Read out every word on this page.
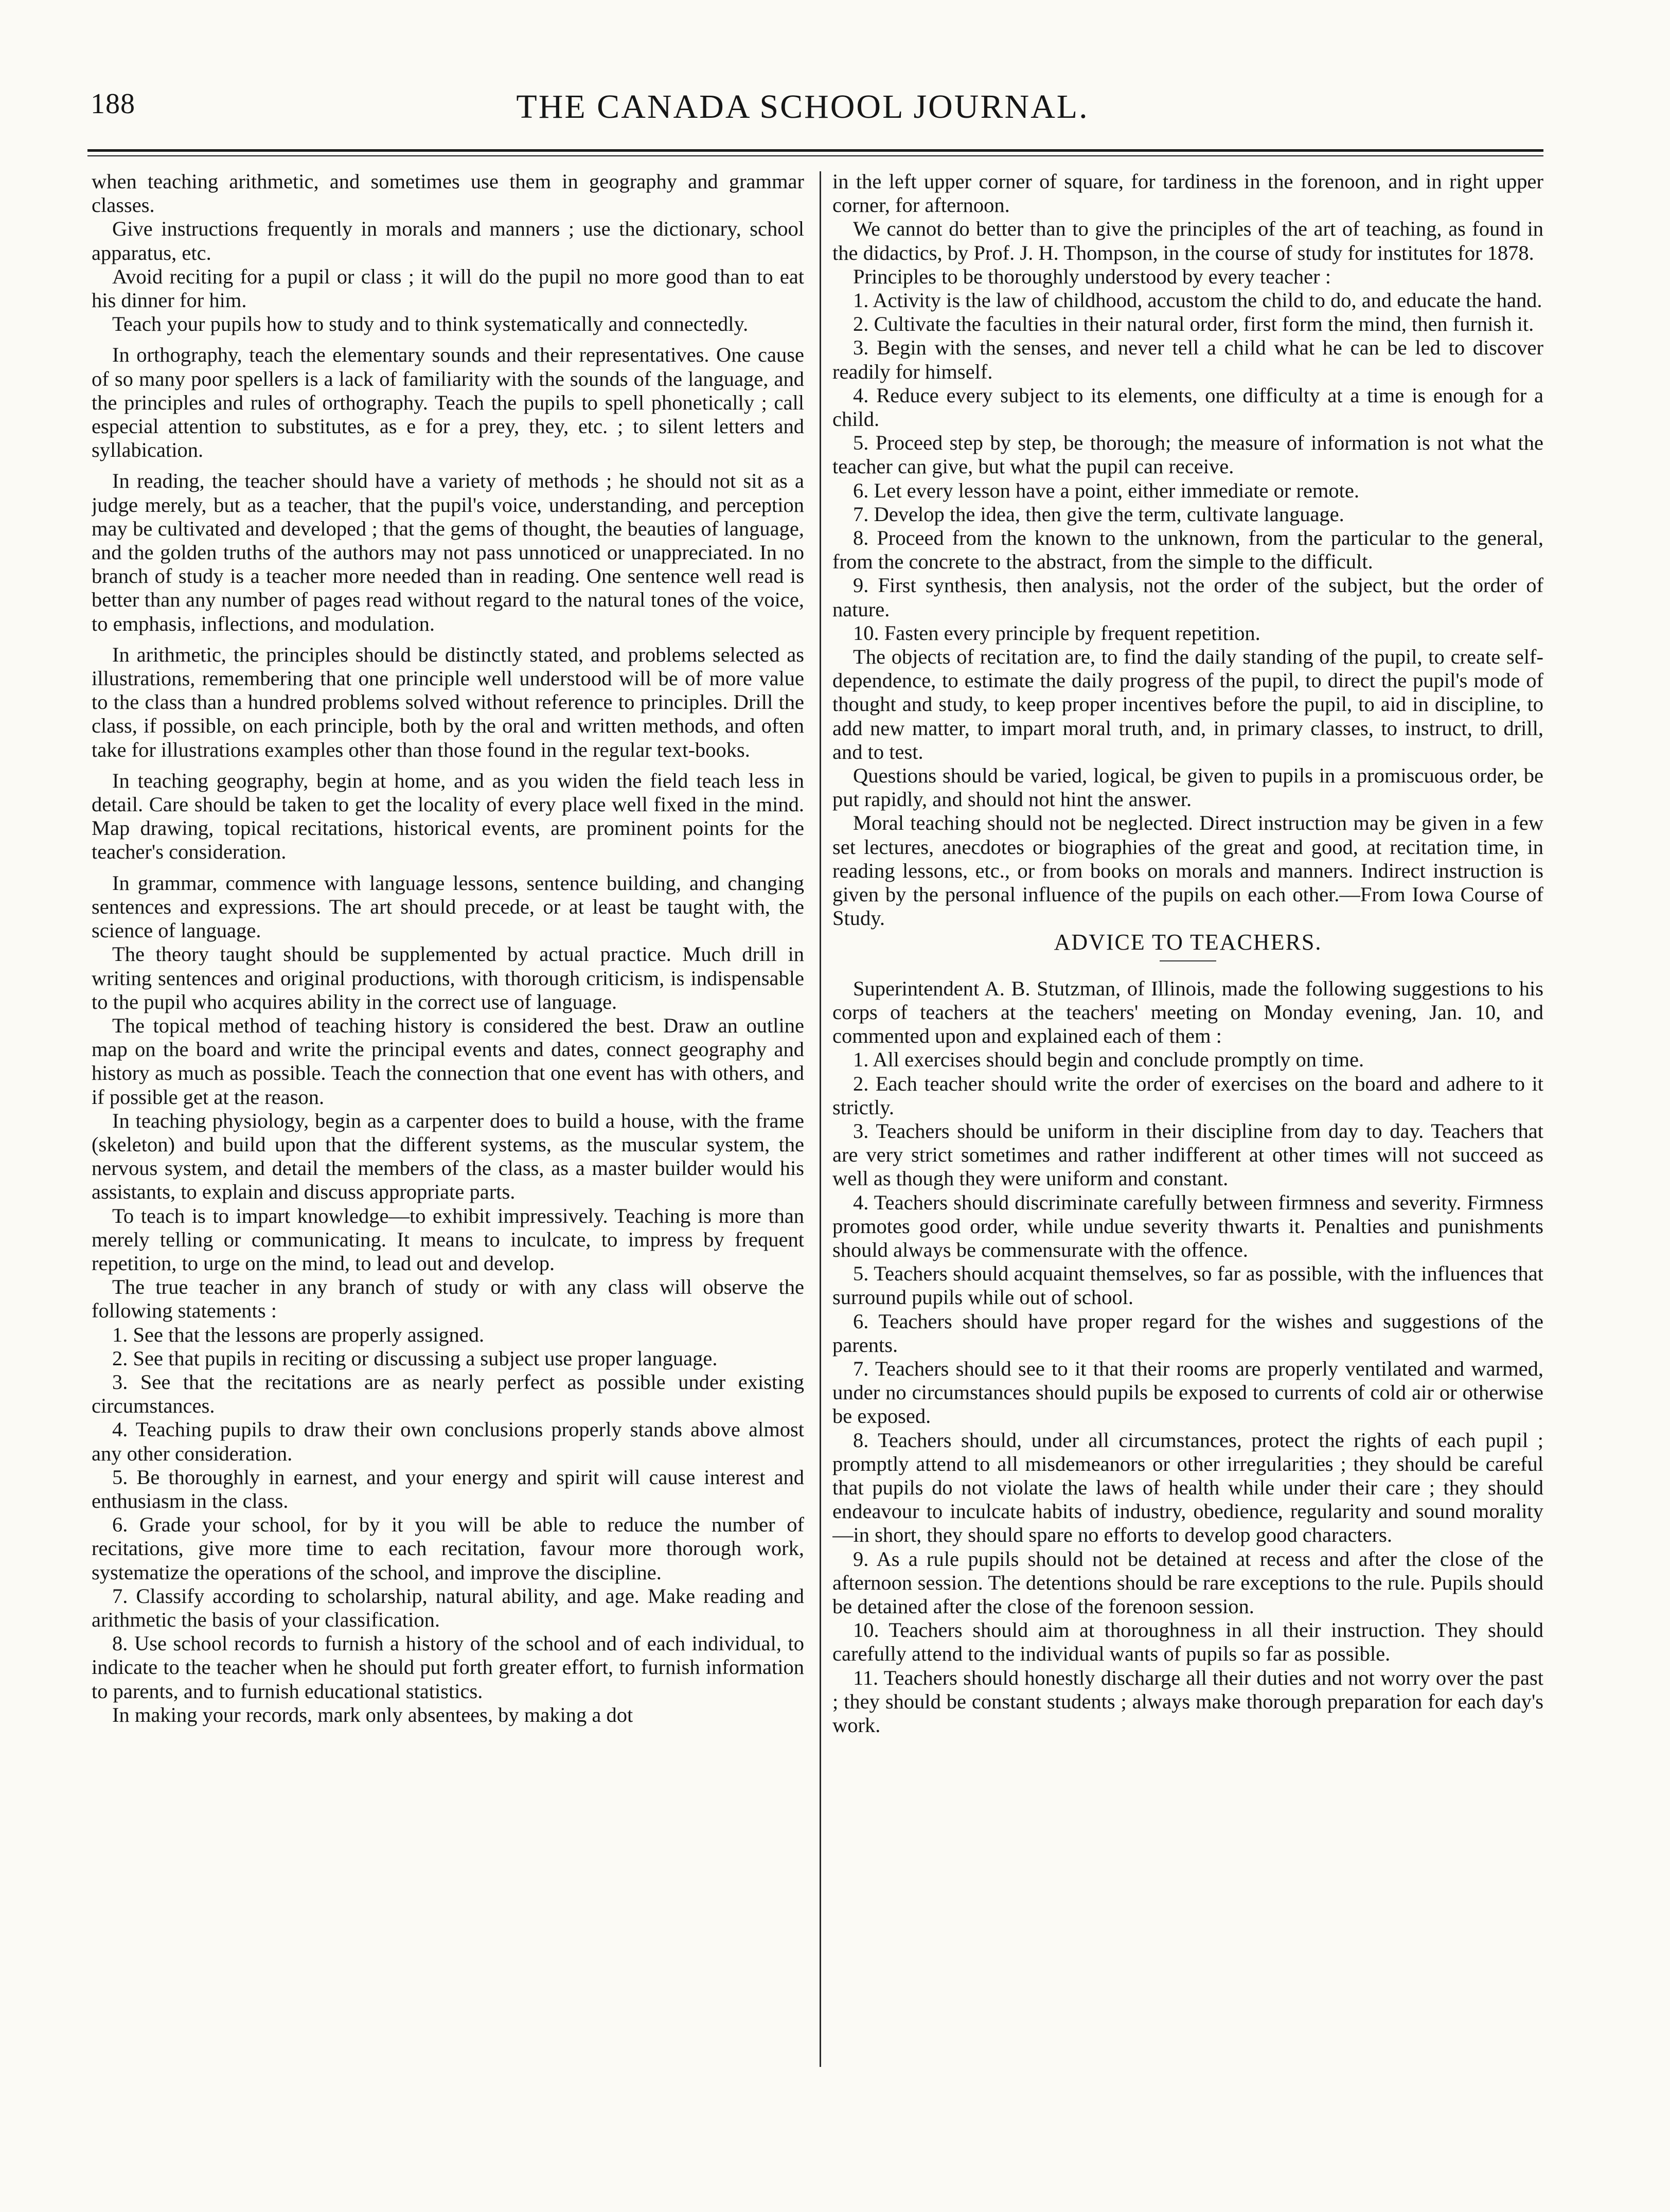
188	THE CANADA SCHOOL JOURNAL.

when teaching arithmetic, and sometimes use them in geography and grammar classes.

Give instructions frequently in morals and manners ; use the dictionary, school apparatus, etc.

Avoid reciting for a pupil or class ; it will do the pupil no more good than to eat his dinner for him.

Teach your pupils how to study and to think systematically and connectedly.

In orthography, teach the elementary sounds and their representatives. One cause of so many poor spellers is a lack of familiarity with the sounds of the language, and the principles and rules of orthography. Teach the pupils to spell phonetically ; call especial attention to substitutes, as e for a prey, they, etc. ; to silent letters and syllabication.

In reading, the teacher should have a variety of methods ; he should not sit as a judge merely, but as a teacher, that the pupil's voice, understanding, and perception may be cultivated and developed ; that the gems of thought, the beauties of language, and the golden truths of the authors may not pass unnoticed or unappreciated. In no branch of study is a teacher more needed than in reading. One sentence well read is better than any number of pages read without regard to the natural tones of the voice, to emphasis, inflections, and modulation.

In arithmetic, the principles should be distinctly stated, and problems selected as illustrations, remembering that one principle well understood will be of more value to the class than a hundred problems solved without reference to principles. Drill the class, if possible, on each principle, both by the oral and written methods, and often take for illustrations examples other than those found in the regular text-books.

In teaching geography, begin at home, and as you widen the field teach less in detail. Care should be taken to get the locality of every place well fixed in the mind. Map drawing, topical recitations, historical events, are prominent points for the teacher's consideration.

In grammar, commence with language lessons, sentence building, and changing sentences and expressions. The art should precede, or at least be taught with, the science of language.

The theory taught should be supplemented by actual practice. Much drill in writing sentences and original productions, with thorough criticism, is indispensable to the pupil who acquires ability in the correct use of language.

The topical method of teaching history is considered the best. Draw an outline map on the board and write the principal events and dates, connect geography and history as much as possible. Teach the connection that one event has with others, and if possible get at the reason.

In teaching physiology, begin as a carpenter does to build a house, with the frame (skeleton) and build upon that the different systems, as the muscular system, the nervous system, and detail the members of the class, as a master builder would his assistants, to explain and discuss appropriate parts.

To teach is to impart knowledge—to exhibit impressively. Teaching is more than merely telling or communicating. It means to inculcate, to impress by frequent repetition, to urge on the mind, to lead out and develop.

The true teacher in any branch of study or with any class will observe the following statements :

1. See that the lessons are properly assigned.

2. See that pupils in reciting or discussing a subject use proper language.

3. See that the recitations are as nearly perfect as possible under existing circumstances.

4. Teaching pupils to draw their own conclusions properly stands above almost any other consideration.

5. Be thoroughly in earnest, and your energy and spirit will cause interest and enthusiasm in the class.

6. Grade your school, for by it you will be able to reduce the number of recitations, give more time to each recitation, favour more thorough work, systematize the operations of the school, and improve the discipline.

7. Classify according to scholarship, natural ability, and age. Make reading and arithmetic the basis of your classification.

8. Use school records to furnish a history of the school and of each individual, to indicate to the teacher when he should put forth greater effort, to furnish information to parents, and to furnish educational statistics.

In making your records, mark only absentees, by making a dot

in the left upper corner of square, for tardiness in the forenoon, and in right upper corner, for afternoon.

We cannot do better than to give the principles of the art of teaching, as found in the didactics, by Prof. J. H. Thompson, in the course of study for institutes for 1878.

Principles to be thoroughly understood by every teacher :

1. Activity is the law of childhood, accustom the child to do, and educate the hand.

2. Cultivate the faculties in their natural order, first form the mind, then furnish it.

3. Begin with the senses, and never tell a child what he can be led to discover readily for himself.

4. Reduce every subject to its elements, one difficulty at a time is enough for a child.

5. Proceed step by step, be thorough; the measure of information is not what the teacher can give, but what the pupil can receive.

6. Let every lesson have a point, either immediate or remote.

7. Develop the idea, then give the term, cultivate language.

8. Proceed from the known to the unknown, from the particular to the general, from the concrete to the abstract, from the simple to the difficult.

9. First synthesis, then analysis, not the order of the subject, but the order of nature.

10. Fasten every principle by frequent repetition.

The objects of recitation are, to find the daily standing of the pupil, to create self-dependence, to estimate the daily progress of the pupil, to direct the pupil's mode of thought and study, to keep proper incentives before the pupil, to aid in discipline, to add new matter, to impart moral truth, and, in primary classes, to instruct, to drill, and to test.

Questions should be varied, logical, be given to pupils in a promiscuous order, be put rapidly, and should not hint the answer.

Moral teaching should not be neglected. Direct instruction may be given in a few set lectures, anecdotes or biographies of the great and good, at recitation time, in reading lessons, etc., or from books on morals and manners. Indirect instruction is given by the personal influence of the pupils on each other.—From Iowa Course of Study.

ADVICE TO TEACHERS.

Superintendent A. B. Stutzman, of Illinois, made the following suggestions to his corps of teachers at the teachers' meeting on Monday evening, Jan. 10, and commented upon and explained each of them :

1. All exercises should begin and conclude promptly on time.

2. Each teacher should write the order of exercises on the board and adhere to it strictly.

3. Teachers should be uniform in their discipline from day to day. Teachers that are very strict sometimes and rather indifferent at other times will not succeed as well as though they were uniform and constant.

4. Teachers should discriminate carefully between firmness and severity. Firmness promotes good order, while undue severity thwarts it. Penalties and punishments should always be commensurate with the offence.

5. Teachers should acquaint themselves, so far as possible, with the influences that surround pupils while out of school.

6. Teachers should have proper regard for the wishes and suggestions of the parents.

7. Teachers should see to it that their rooms are properly ventilated and warmed, under no circumstances should pupils be exposed to currents of cold air or otherwise be exposed.

8. Teachers should, under all circumstances, protect the rights of each pupil ; promptly attend to all misdemeanors or other irregularities ; they should be careful that pupils do not violate the laws of health while under their care ; they should endeavour to inculcate habits of industry, obedience, regularity and sound morality—in short, they should spare no efforts to develop good characters.

9. As a rule pupils should not be detained at recess and after the close of the afternoon session. The detentions should be rare exceptions to the rule. Pupils should be detained after the close of the forenoon session.

10. Teachers should aim at thoroughness in all their instruction. They should carefully attend to the individual wants of pupils so far as possible.

11. Teachers should honestly discharge all their duties and not worry over the past ; they should be constant students ; always make thorough preparation for each day's work.
